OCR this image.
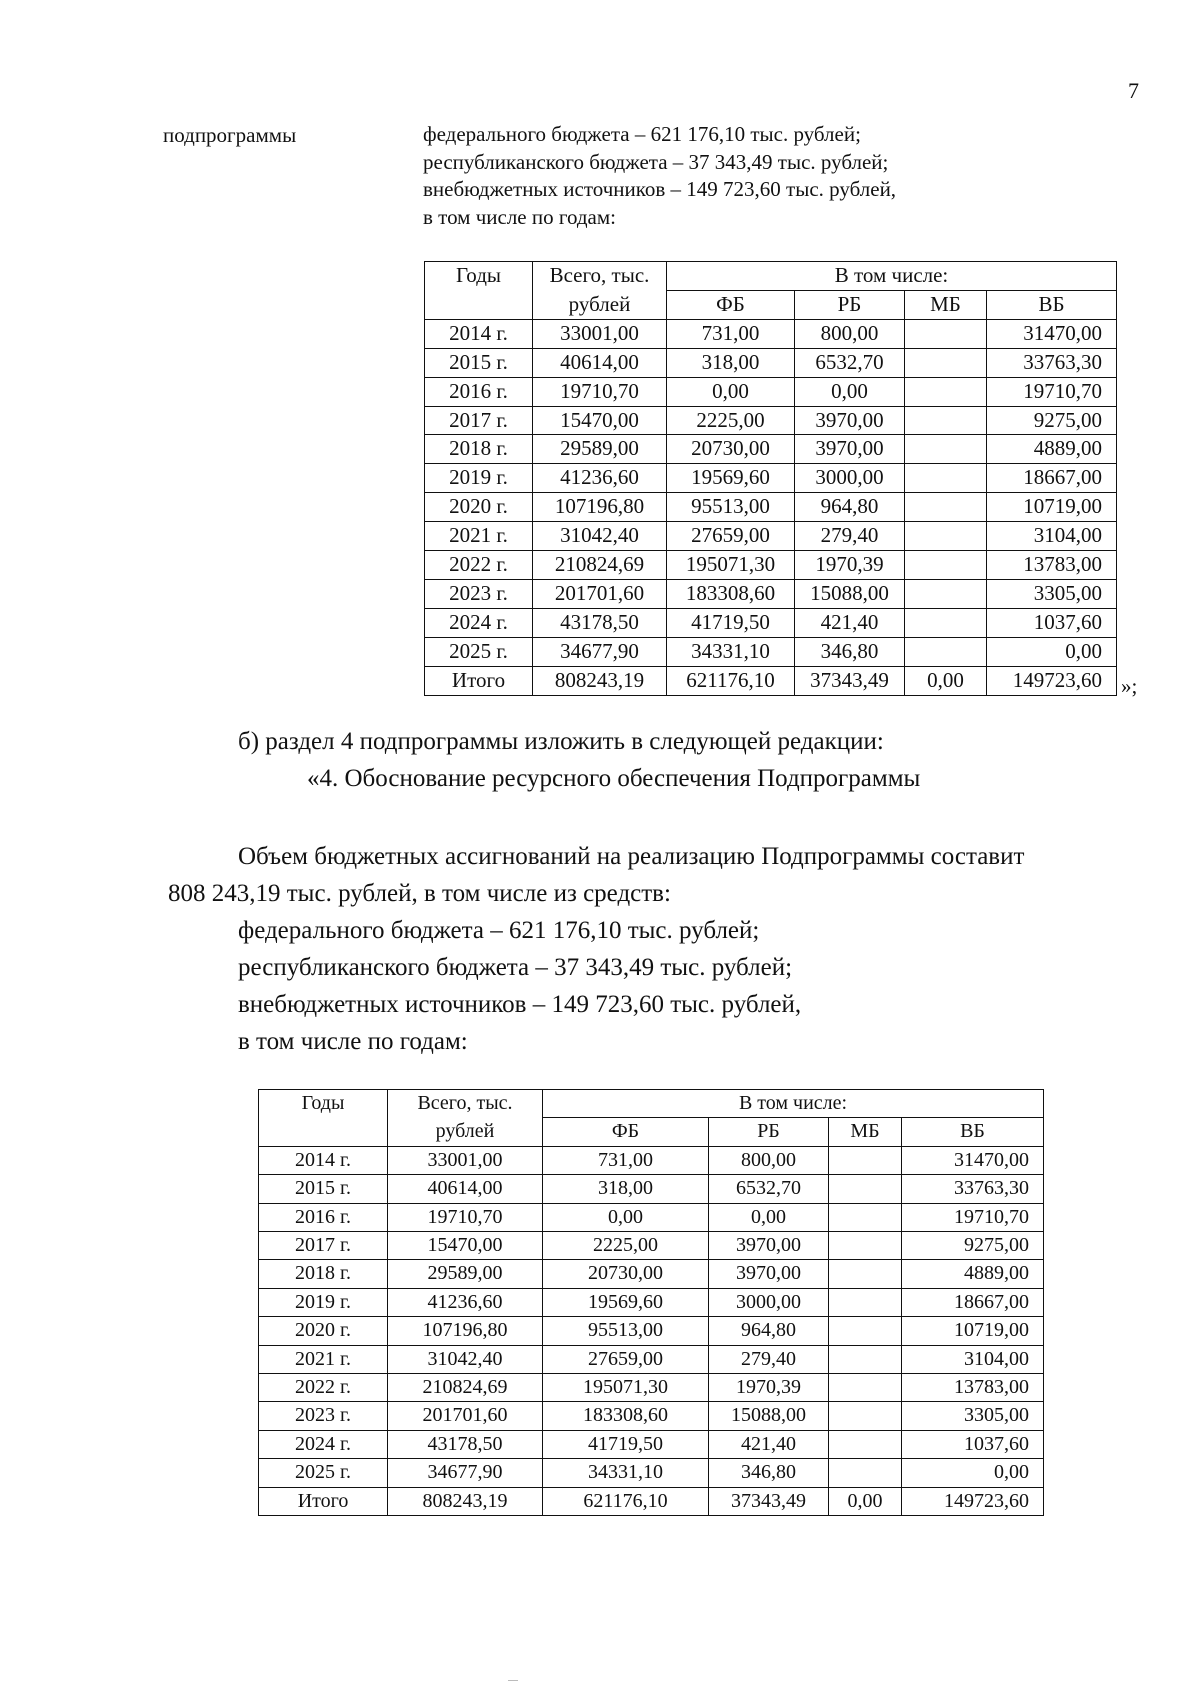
7
подпрограммы	федерального бюджета – 621 176,10 тыс. рублей;
республиканского бюджета – 37 343,49 тыс. рублей;
внебюджетных источников – 149 723,60 тыс. рублей,
в том числе по годам:
Годы	Всего, тыс.	В том числе:			
	рублей	ФБ	РБ	МБ	ВБ
2014 г.	33001,00	731,00	800,00		31470,00
2015 г.	40614,00	318,00	6532,70		33763,30
2016 г.	19710,70	0,00	0,00		19710,70
2017 г.	15470,00	2225,00	3970,00		9275,00
2018 г.	29589,00	20730,00	3970,00		4889,00
2019 г.	41236,60	19569,60	3000,00		18667,00
2020 г.	107196,80	95513,00	964,80		10719,00
2021 г.	31042,40	27659,00	279,40		3104,00
2022 г.	210824,69	195071,30	1970,39		13783,00
2023 г.	201701,60	183308,60	15088,00		3305,00
2024 г.	43178,50	41719,50	421,40		1037,60
2025 г.	34677,90	34331,10	346,80		0,00
Итого	808243,19	621176,10	37343,49	0,00	149723,60 »;
б) раздел 4 подпрограммы изложить в следующей редакции:
«4. Обоснование ресурсного обеспечения Подпрограммы
Объем бюджетных ассигнований на реализацию Подпрограммы составит
808 243,19 тыс. рублей, в том числе из средств:
федерального бюджета – 621 176,10 тыс. рублей;
республиканского бюджета – 37 343,49 тыс. рублей;
внебюджетных источников – 149 723,60 тыс. рублей,
в том числе по годам:
Годы	Всего, тыс.	В том числе:			
	рублей	ФБ	РБ	МБ	ВБ
2014 г.	33001,00	731,00	800,00		31470,00
2015 г.	40614,00	318,00	6532,70		33763,30
2016 г.	19710,70	0,00	0,00		19710,70
2017 г.	15470,00	2225,00	3970,00		9275,00
2018 г.	29589,00	20730,00	3970,00		4889,00
2019 г.	41236,60	19569,60	3000,00		18667,00
2020 г.	107196,80	95513,00	964,80		10719,00
2021 г.	31042,40	27659,00	279,40		3104,00
2022 г.	210824,69	195071,30	1970,39		13783,00
2023 г.	201701,60	183308,60	15088,00		3305,00
2024 г.	43178,50	41719,50	421,40		1037,60
2025 г.	34677,90	34331,10	346,80		0,00
Итого	808243,19	621176,10	37343,49	0,00	149723,60
